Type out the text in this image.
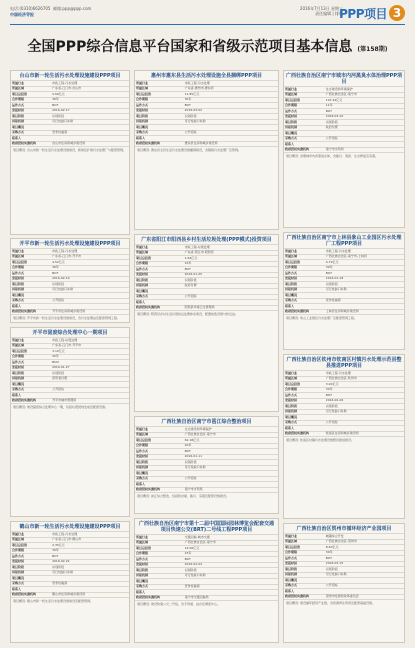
电话:(0310)6626705 邮箱:ppp@ppp.com
中国经济导报
2016年7月13日 星期三
责任编辑 | 排版
PPP项目 3
全国PPP综合信息平台国家和省级示范项目基本信息 (第158期)
台山市新一轮生活污水处理设施建设PPP项目
所属行业	市政工程-污水处理
所属区域	广东省-江门市-台山市
项目总投资	5.69亿元
合作期限	30年
运作方式	BOT
发起时间	2016-02-17
项目阶段	识别阶段
回报机制	可行性缺口补助
项目概况	
采购方式	竞争性磋商
联系人	
政府授权实施机构	台山市住房和城乡建设局
项目概况: 台山市新一轮生活污水处理设施建设，新建及扩建污水处理厂与配套管网。
开平市新一轮生活污水处理设施建设PPP项目
所属行业	市政工程-污水处理
所属区域	广东省-江门市-开平市
项目总投资	4.52亿元
合作期限	30年
运作方式	BOT
发起时间	2016-02-19
项目阶段	识别阶段
回报机制	可行性缺口补助
项目概况	
采购方式	公开招标
联系人	
政府授权实施机构	开平市住房和城乡建设局
项目概况: 开平市新一轮生活污水处理设施建设，含污水处理站及配套管网工程。
开平市固废综合处理中心一期项目
所属行业	市政工程-垃圾处理
所属区域	广东省-江门市-开平市
项目总投资	3.10亿元
合作期限	25年
运作方式	BOO
发起时间	2016-01-27
项目阶段	识别阶段
回报机制	使用者付费
项目概况	
采购方式	公开招标
联系人	
政府授权实施机构	开平市城市管理局
项目概况: 建设固废综合处理中心一期，包括垃圾焚烧发电及配套设施。
鹤山市新一轮生活污水处理设施建设PPP项目
所属行业	市政工程-污水处理
所属区域	广东省-江门市-鹤山市
项目总投资	2.35亿元
合作期限	30年
运作方式	BOT
发起时间	2016-02-22
项目阶段	识别阶段
回报机制	可行性缺口补助
项目概况	
采购方式	竞争性磋商
联系人	
政府授权实施机构	鹤山市住房和城乡建设局
项目概况: 鹤山市新一轮生活污水处理设施建设及配套管网。
惠州市惠东县生活污水处理设施全县捆绑PPP项目
所属行业	市政工程-污水处理
所属区域	广东省-惠州市-惠东县
项目总投资	11.85亿元
合作期限	30年
运作方式	BOT
发起时间	2016-03-02
项目阶段	识别阶段
回报机制	可行性缺口补助
项目概况	
采购方式	公开招标
联系人	
政府授权实施机构	惠东县住房和城乡建设局
项目概况: 惠东县全县生活污水处理设施捆绑建设，含镇级污水处理厂及管网。
广东省阳江市阳西县乡村生活垃圾处理(PPP模式)投资项目
所属行业	市政工程-垃圾处理
所属区域	广东省-阳江市-阳西县
项目总投资	1.62亿元
合作期限	15年
运作方式	BOT
发起时间	2016-01-25
项目阶段	识别阶段
回报机制	政府付费
项目概况	
采购方式	公开招标
联系人	
政府授权实施机构	阳西县环境卫生管理局
项目概况: 阳西县乡村生活垃圾收运处理体系建设，配置收集设施与转运站。
广西壮族自治区南宁市邕江综合整治项目
所属行业	生态建设和环境保护
所属区域	广西壮族自治区-南宁市
项目总投资	62.18亿元
合作期限	20年
运作方式	BOT
发起时间	2016-01-11
项目阶段	识别阶段
回报机制	可行性缺口补助
项目概况	
采购方式	公开招标
联系人	
政府授权实施机构	南宁市水利局
项目概况: 邕江综合整治，包括防洪堤、截污、景观及配套设施建设。
广西壮族自治区南宁市第十二届中国国际园林博览会配套交通项目快速公交(BRT)二号线工程PPP项目
所属行业	交通运输-城市交通
所属区域	广西壮族自治区-南宁市
项目总投资	14.06亿元
合作期限	15年
运作方式	BOT
发起时间	2016-02-04
项目阶段	识别阶段
回报机制	可行性缺口补助
项目概况	
采购方式	竞争性磋商
联系人	
政府授权实施机构	南宁市交通运输局
项目概况: 建设快速公交二号线，含专用道、站台及调度中心。
广西壮族自治区南宁市城市内河黑臭水体治理PPP项目
所属行业	生态建设和环境保护
所属区域	广西壮族自治区-南宁市
项目总投资	107.42亿元
合作期限	11年
运作方式	BOT
发起时间	2016-03-10
项目阶段	识别阶段
回报机制	政府付费
项目概况	
采购方式	公开招标
联系人	
政府授权实施机构	南宁市水利局
项目概况: 治理城市内河黑臭水体，含截污、清淤、生态修复及景观。
广西壮族自治区南宁市上林县象山工业园区污水处理厂工程PPP项目
所属行业	市政工程-污水处理
所属区域	广西壮族自治区-南宁市-上林县
项目总投资	0.79亿元
合作期限	30年
运作方式	BOT
发起时间	2016-01-18
项目阶段	识别阶段
回报机制	可行性缺口补助
项目概况	
采购方式	竞争性磋商
联系人	
政府授权实施机构	上林县住房和城乡建设局
项目概况: 象山工业园区污水处理厂及配套管网工程。
广西壮族自治区钦州市钦南区村镇污水处理示范县整县推进PPP项目
所属行业	市政工程-污水处理
所属区域	广西壮族自治区-钦州市
项目总投资	3.90亿元
合作期限	30年
运作方式	BOT
发起时间	2016-02-26
项目阶段	识别阶段
回报机制	可行性缺口补助
项目概况	
采购方式	公开招标
联系人	
政府授权实施机构	钦南区住房和城乡建设局
项目概况: 钦南区村镇污水处理设施整县推进建设。
广西壮族自治区贺州市循环经济产业园项目
所属行业	城镇综合开发
所属区域	广西壮族自治区-贺州市
项目总投资	8.60亿元
合作期限	30年
运作方式	BOT
发起时间	2016-03-15
项目阶段	识别阶段
回报机制	可行性缺口补助
项目概况	
采购方式	公开招标
联系人	
政府授权实施机构	贺州市发展和改革委员会
项目概况: 建设循环经济产业园，含资源再生利用及配套基础设施。
